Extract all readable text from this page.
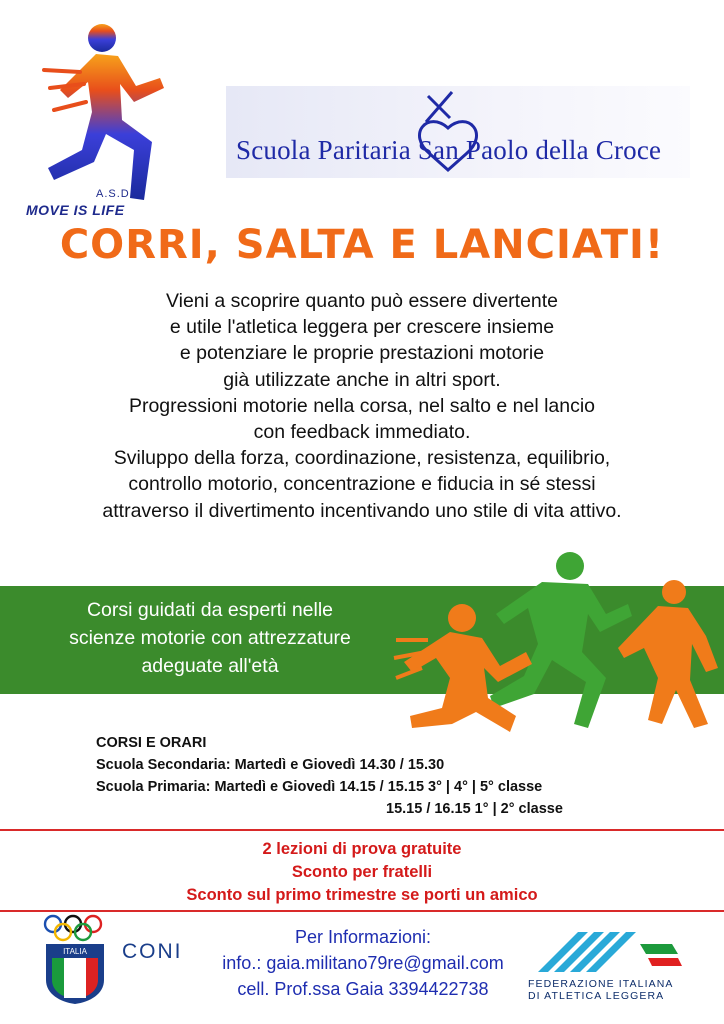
A.S.D.
MOVE IS LIFE
Scuola Paritaria San Paolo della Croce
CORRI, SALTA E LANCIATI!
Vieni a scoprire quanto può essere divertente
e utile l'atletica leggera per crescere insieme
e potenziare le proprie prestazioni motorie
già utilizzate anche in altri sport.
Progressioni motorie nella corsa, nel salto e nel lancio
con feedback immediato.
Sviluppo della forza, coordinazione, resistenza, equilibrio,
controllo motorio, concentrazione e fiducia in sé stessi
attraverso il divertimento incentivando uno stile di vita attivo.
Corsi guidati da esperti nelle
scienze motorie con attrezzature
adeguate all'età
CORSI E ORARI
Scuola Secondaria: Martedì e Giovedì 14.30 / 15.30
Scuola Primaria: Martedì e Giovedì 14.15 / 15.15 3° | 4° | 5° classe
15.15 / 16.15 1° | 2° classe
2 lezioni di prova gratuite
Sconto per fratelli
Sconto sul primo trimestre se porti un amico
ITALIA CONI
Per Informazioni:
info.: gaia.militano79re@gmail.com
cell. Prof.ssa Gaia 3394422738	FEDERAZIONE ITALIANA
DI ATLETICA LEGGERA
